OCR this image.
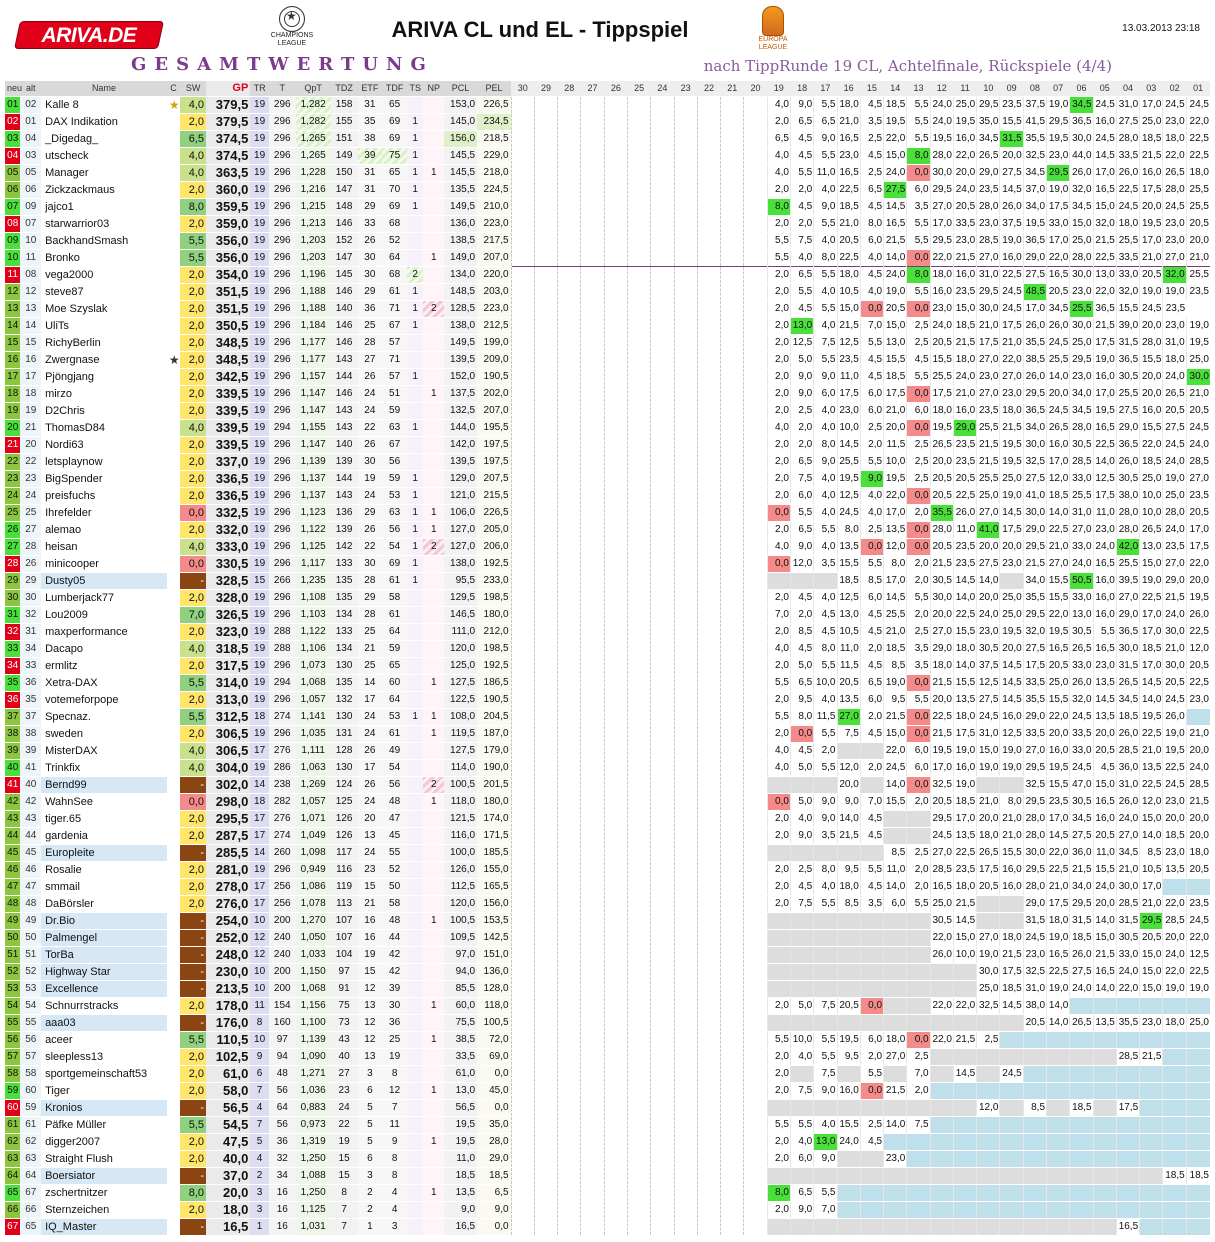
ARIVA.DE
★	CHAMPIONS LEAGUE
ARIVA CL und EL - Tippspiel	EUROPA LEAGUE
13.03.2013 23:18
GESAMTWERTUNG	nach TippRunde 19 CL, Achtelfinale, Rückspiele (4/4)
neu	alt	Name	C	SW	GP	TR	T	QpT	TDZ	ETF	TDF	TS	NP	PCL	PEL	30	29	28	27	26	25	24	23	22	21	20	19	18	17	16	15	14	13	12	11	10	09	08	07	06	05	04	03	02	01
01	02	Kalle 8	★	4,0	379,5	19	296	1,282	158	31	65			153,0	226,5												4,0	9,0	5,5	18,0	4,5	18,5	5,5	24,0	25,0	29,5	23,5	37,5	19,0	34,5	24,5	31,0	17,0	24,5	24,5
02	01	DAX Indikation		2,0	379,5	19	296	1,282	155	35	69	1		145,0	234,5												2,0	6,5	6,5	21,0	3,5	19,5	5,5	24,0	19,5	35,0	15,5	41,5	29,5	36,5	16,0	27,5	25,0	23,0	22,0
03	04	_Digedag_		6,5	374,5	19	296	1,265	151	38	69	1		156,0	218,5												6,5	4,5	9,0	16,5	2,5	22,0	5,5	19,5	16,0	34,5	31,5	35,5	19,5	30,0	24,5	28,0	18,5	18,0	22,5
04	03	utscheck		4,0	374,5	19	296	1,265	149	39	75	1		145,5	229,0												4,0	4,5	5,5	23,0	4,5	15,0	8,0	28,0	22,0	26,5	20,0	32,5	23,0	44,0	14,5	33,5	21,5	22,0	22,5
05	05	Manager		4,0	363,5	19	296	1,228	150	31	65	1	1	145,5	218,0												4,0	5,5	11,0	16,5	2,5	24,0	0,0	30,0	20,0	29,0	27,5	34,5	29,5	26,0	17,0	26,0	16,0	26,5	18,0
06	06	Zickzackmaus		2,0	360,0	19	296	1,216	147	31	70	1		135,5	224,5												2,0	2,0	4,0	22,5	6,5	27,5	6,0	29,5	24,0	23,5	14,5	37,0	19,0	32,0	16,5	22,5	17,5	28,0	25,5
07	09	jajco1		8,0	359,5	19	296	1,215	148	29	69	1		149,5	210,0												8,0	4,5	9,0	18,5	4,5	14,5	3,5	27,0	20,5	28,0	26,0	34,0	17,5	34,5	15,0	24,5	20,0	24,5	25,5
08	07	starwarrior03		2,0	359,0	19	296	1,213	146	33	68			136,0	223,0												2,0	2,0	5,5	21,0	8,0	16,5	5,5	17,0	33,5	23,0	37,5	19,5	33,0	15,0	32,0	18,0	19,5	23,0	20,5
09	10	BackhandSmash		5,5	356,0	19	296	1,203	152	26	52			138,5	217,5												5,5	7,5	4,0	20,5	6,0	21,5	5,5	29,5	23,0	28,5	19,0	36,5	17,0	25,0	21,5	25,5	17,0	23,0	20,0
10	11	Bronko		5,5	356,0	19	296	1,203	147	30	64		1	149,0	207,0												5,5	4,0	8,0	22,5	4,0	14,0	0,0	22,0	21,5	27,0	16,0	29,0	22,0	28,0	22,5	33,5	21,0	27,0	21,0
11	08	vega2000		2,0	354,0	19	296	1,196	145	30	68	2		134,0	220,0												2,0	6,5	5,5	18,0	4,5	24,0	8,0	18,0	16,0	31,0	22,5	27,5	16,5	30,0	13,0	33,0	20,5	32,0	25,5
12	12	steve87		2,0	351,5	19	296	1,188	146	29	61	1		148,5	203,0												2,0	5,5	4,0	10,5	4,0	19,0	5,5	16,0	23,5	29,5	24,5	48,5	20,5	23,0	22,0	32,0	19,0	19,0	23,5
13	13	Moe Szyslak		2,0	351,5	19	296	1,188	140	36	71	1	2	128,5	223,0												2,0	4,5	5,5	15,0	0,0	20,5	0,0	23,0	15,0	30,0	24,5	17,0	34,5	25,5	36,5	15,5	24,5	23,5	
14	14	UliTs		2,0	350,5	19	296	1,184	146	25	67	1		138,0	212,5												2,0	13,0	4,0	21,5	7,0	15,0	2,5	24,0	18,5	21,0	17,5	26,0	26,0	30,0	21,5	39,0	20,0	23,0	19,0
15	15	RichyBerlin		2,0	348,5	19	296	1,177	146	28	57			149,5	199,0												2,0	12,5	7,5	12,5	5,5	13,0	2,5	20,5	21,5	17,5	21,0	35,5	24,5	25,0	17,5	31,5	28,0	31,0	19,5
16	16	Zwergnase	★	2,0	348,5	19	296	1,177	143	27	71			139,5	209,0												2,0	5,0	5,5	23,5	4,5	15,5	4,5	15,5	18,0	27,0	22,0	38,5	25,5	29,5	19,0	36,5	15,5	18,0	25,0
17	17	Pjöngjang		2,0	342,5	19	296	1,157	144	26	57	1		152,0	190,5												2,0	9,0	9,0	11,0	4,5	18,5	5,5	25,5	24,0	23,0	27,0	26,0	14,0	23,0	16,0	30,5	20,0	24,0	30,0
18	18	mirzo		2,0	339,5	19	296	1,147	146	24	51		1	137,5	202,0												2,0	9,0	6,0	17,5	6,0	17,5	0,0	17,5	21,0	27,0	23,0	29,5	20,0	34,0	17,0	25,5	20,0	26,5	21,0
19	19	D2Chris		2,0	339,5	19	296	1,147	143	24	59			132,5	207,0												2,0	2,5	4,0	23,0	6,0	21,0	6,0	18,0	16,0	23,5	18,0	36,5	24,5	34,5	19,5	27,5	16,0	20,5	20,5
20	21	ThomasD84		4,0	339,5	19	294	1,155	143	22	63	1		144,0	195,5												4,0	2,0	4,0	10,0	2,5	20,0	0,0	19,5	29,0	25,5	21,5	34,0	26,5	28,0	16,5	29,0	15,5	27,5	24,5
21	20	Nordi63		2,0	339,5	19	296	1,147	140	26	67			142,0	197,5												2,0	2,0	8,0	14,5	2,0	11,5	2,5	26,5	23,5	21,5	19,5	30,0	16,0	30,5	22,5	36,5	22,0	24,5	24,0
22	22	letsplaynow		2,0	337,0	19	296	1,139	139	30	56			139,5	197,5												2,0	6,5	9,0	25,5	5,5	10,0	2,5	20,0	23,5	21,5	19,5	32,5	17,0	28,5	14,0	26,0	18,5	24,0	28,5
23	23	BigSpender		2,0	336,5	19	296	1,137	144	19	59	1		129,0	207,5												2,0	7,5	4,0	19,5	9,0	19,5	2,5	20,5	20,5	25,5	25,0	27,5	12,0	33,0	12,5	30,5	25,0	19,0	27,0
24	24	preisfuchs		2,0	336,5	19	296	1,137	143	24	53	1		121,0	215,5												2,0	6,0	4,0	12,5	4,0	22,0	0,0	20,5	22,5	25,0	19,0	41,0	18,5	25,5	17,5	38,0	10,0	25,0	23,5
25	25	Ihrefelder		0,0	332,5	19	296	1,123	136	29	63	1	1	106,0	226,5												0,0	5,5	4,0	24,5	4,0	17,0	2,0	35,5	26,0	27,0	14,5	30,0	14,0	31,0	11,0	28,0	10,0	28,0	20,5
26	27	alemao		2,0	332,0	19	296	1,122	139	26	56	1	1	127,0	205,0												2,0	6,5	5,5	8,0	2,5	13,5	0,0	28,0	11,0	41,0	17,5	29,0	22,5	27,0	23,0	28,0	26,5	24,0	17,0
27	28	heisan		4,0	333,0	19	296	1,125	142	22	54	1	2	127,0	206,0												4,0	9,0	4,0	13,5	0,0	12,0	0,0	20,5	23,5	20,0	20,0	29,5	21,0	33,0	24,0	42,0	13,0	23,5	17,5
28	26	minicooper		0,0	330,5	19	296	1,117	133	30	69	1		138,0	192,5												0,0	12,0	3,5	15,5	5,5	8,0	2,0	21,5	23,5	27,5	23,0	21,5	27,0	24,0	16,5	25,5	15,0	27,0	22,0
29	29	Dusty05		-	328,5	15	266	1,235	135	28	61	1		95,5	233,0															18,5	8,5	17,0	2,0	30,5	14,5	14,0		34,0	15,5	50,5	16,0	39,5	19,0	29,0	20,0
30	30	Lumberjack77		2,0	328,0	19	296	1,108	135	29	58			129,5	198,5												2,0	4,5	4,0	12,5	6,0	14,5	5,5	30,0	14,0	20,0	25,0	35,5	15,5	33,0	16,0	27,0	22,5	21,5	19,5
31	32	Lou2009		7,0	326,5	19	296	1,103	134	28	61			146,5	180,0												7,0	2,0	4,5	13,0	4,5	25,5	2,0	20,0	22,5	24,0	25,0	29,5	22,0	13,0	16,0	29,0	17,0	24,0	26,0
32	31	maxperformance		2,0	323,0	19	288	1,122	133	25	64			111,0	212,0												2,0	8,5	4,5	10,5	4,5	21,0	2,5	27,0	15,5	23,0	19,5	32,0	19,5	30,5	5,5	36,5	17,0	30,0	22,5
33	34	Dacapo		4,0	318,5	19	288	1,106	134	21	59			120,0	198,5												4,0	4,5	8,0	11,0	2,0	18,5	3,5	29,0	18,0	30,5	20,0	27,5	16,5	26,5	16,5	30,0	18,5	21,0	12,0
34	33	ermlitz		2,0	317,5	19	296	1,073	130	25	65			125,0	192,5												2,0	5,0	5,5	11,5	4,5	8,5	3,5	18,0	14,0	37,5	14,5	17,5	20,5	33,0	23,0	31,5	17,0	30,0	20,5
35	36	Xetra-DAX		5,5	314,0	19	294	1,068	135	14	60		1	127,5	186,5												5,5	6,5	10,0	20,5	6,5	19,0	0,0	21,5	15,5	12,5	14,5	33,5	25,0	26,0	13,5	26,5	14,5	20,5	22,5
36	35	votemeforpope		2,0	313,0	19	296	1,057	132	17	64			122,5	190,5												2,0	9,5	4,0	13,5	6,0	9,5	5,5	20,0	13,5	27,5	14,5	35,5	15,5	32,0	14,5	34,5	14,0	24,5	23,0
37	37	Specnaz.		5,5	312,5	18	274	1,141	130	24	53	1	1	108,0	204,5												5,5	8,0	11,5	27,0	2,0	21,5	0,0	22,5	18,0	24,5	16,0	29,0	22,0	24,5	13,5	18,5	19,5	26,0	
38	38	sweden		2,0	306,5	19	296	1,035	131	24	61		1	119,5	187,0												2,0	0,0	5,5	7,5	4,5	15,0	0,0	21,5	17,5	31,0	12,5	33,5	20,0	33,5	20,0	26,0	22,5	19,0	21,0
39	39	MisterDAX		4,0	306,5	17	276	1,111	128	26	49			127,5	179,0												4,0	4,5	2,0			22,0	6,0	19,5	19,0	15,0	19,0	27,0	16,0	33,0	20,5	28,5	21,0	19,5	20,0
40	41	Trinkfix		4,0	304,0	19	286	1,063	130	17	54			114,0	190,0												4,0	5,0	5,5	12,0	2,0	24,5	6,0	17,0	16,0	19,0	19,0	29,5	19,5	24,5	4,5	36,0	13,5	22,5	24,0
41	40	Bernd99		-	302,0	14	238	1,269	124	26	56		2	100,5	201,5															20,0		14,0	0,0	32,5	19,0			32,5	15,5	47,0	15,0	31,0	22,5	24,5	28,5
42	42	WahnSee		0,0	298,0	18	282	1,057	125	24	48		1	118,0	180,0												0,0	5,0	9,0	9,0	7,0	15,5	2,0	20,5	18,5	21,0	8,0	29,5	23,5	30,5	16,5	26,0	12,0	23,0	21,5
43	43	tiger.65		2,0	295,5	17	276	1,071	126	20	47			121,5	174,0												2,0	4,0	9,0	14,0	4,5			29,5	17,0	20,0	21,0	28,0	17,0	34,5	16,0	24,0	15,0	20,0	20,0
44	44	gardenia		2,0	287,5	17	274	1,049	126	13	45			116,0	171,5												2,0	9,0	3,5	21,5	4,5			24,5	13,5	18,0	21,0	28,0	14,5	27,5	20,5	27,0	14,0	18,5	20,0
45	45	Europleite		-	285,5	14	260	1,098	117	24	55			100,0	185,5																	8,5	2,5	27,0	22,5	26,5	15,5	30,0	22,0	36,0	11,0	34,5	8,5	23,0	18,0
46	46	Rosalie		2,0	281,0	19	296	0,949	116	23	52			126,0	155,0												2,0	2,5	8,0	9,5	5,5	11,0	2,0	28,5	23,5	17,5	16,0	29,5	22,5	21,5	15,5	21,0	10,5	13,5	20,5
47	47	smmail		2,0	278,0	17	256	1,086	119	15	50			112,5	165,5												2,0	4,5	4,0	18,0	4,5	14,0	2,0	16,5	18,0	20,5	16,0	28,0	21,0	34,0	24,0	30,0	17,0		
48	48	DaBörsler		2,0	276,0	17	256	1,078	113	21	58			120,0	156,0												2,0	7,5	5,5	8,5	3,5	6,0	5,5	25,0	21,5			29,0	17,5	29,5	20,0	28,5	21,0	22,0	23,5
49	49	Dr.Bio		-	254,0	10	200	1,270	107	16	48		1	100,5	153,5																			30,5	14,5			31,5	18,0	31,5	14,0	31,5	29,5	28,5	24,5
50	50	Palmengel		-	252,0	12	240	1,050	107	16	44			109,5	142,5																			22,0	15,0	27,0	18,0	24,5	19,0	18,5	15,0	30,5	20,5	20,0	22,0
51	51	TorBa		-	248,0	12	240	1,033	104	19	42			97,0	151,0																			26,0	10,0	19,0	21,5	23,0	16,5	26,0	21,5	33,0	15,0	24,0	12,5
52	52	Highway Star		-	230,0	10	200	1,150	97	15	42			94,0	136,0																					30,0	17,5	32,5	22,5	27,5	16,5	24,0	15,0	22,0	22,5
53	53	Excellence		-	213,5	10	200	1,068	91	12	39			85,5	128,0																					25,0	18,5	31,0	19,0	24,0	14,0	22,0	15,0	19,0	19,0
54	54	Schnurrstracks		2,0	178,0	11	154	1,156	75	13	30		1	60,0	118,0												2,0	5,0	7,5	20,5	0,0			22,0	22,0	32,5	14,5	38,0	14,0						
55	55	aaa03		-	176,0	8	160	1,100	73	12	36			75,5	100,5																							20,5	14,0	26,5	13,5	35,5	23,0	18,0	25,0
56	56	aceer		5,5	110,5	10	97	1,139	43	12	25		1	38,5	72,0												5,5	10,0	5,5	19,5	6,0	18,0	0,0	22,0	21,5	2,5									
57	57	sleepless13		2,0	102,5	9	94	1,090	40	13	19			33,5	69,0												2,0	4,0	5,5	9,5	2,0	27,0	2,5									28,5	21,5		
58	58	sportgemeinschaft53		2,0	61,0	6	48	1,271	27	3	8			61,0	0,0												2,0		7,5		5,5		7,0		14,5		24,5								
59	60	Tiger		2,0	58,0	7	56	1,036	23	6	12		1	13,0	45,0												2,0	7,5	9,0	16,0	0,0	21,5	2,0												
60	59	Kronios		-	56,5	4	64	0,883	24	5	7			56,5	0,0																					12,0		8,5		18,5		17,5			
61	61	Päfke Müller		5,5	54,5	7	56	0,973	22	5	11			19,5	35,0												5,5	5,5	4,0	15,5	2,5	14,0	7,5												
62	62	digger2007		2,0	47,5	5	36	1,319	19	5	9		1	19,5	28,0												2,0	4,0	13,0	24,0	4,5														
63	63	Straight Flush		2,0	40,0	4	32	1,250	15	6	8			11,0	29,0												2,0	6,0	9,0			23,0													
64	64	Boersiator		-	37,0	2	34	1,088	15	3	8			18,5	18,5																													18,5	18,5
65	67	zschertnitzer		8,0	20,0	3	16	1,250	8	2	4		1	13,5	6,5												8,0	6,5	5,5																
66	66	Sternzeichen		2,0	18,0	3	16	1,125	7	2	4			9,0	9,0												2,0	9,0	7,0																
67	65	IQ_Master		-	16,5	1	16	1,031	7	1	3			16,5	0,0																											16,5			
